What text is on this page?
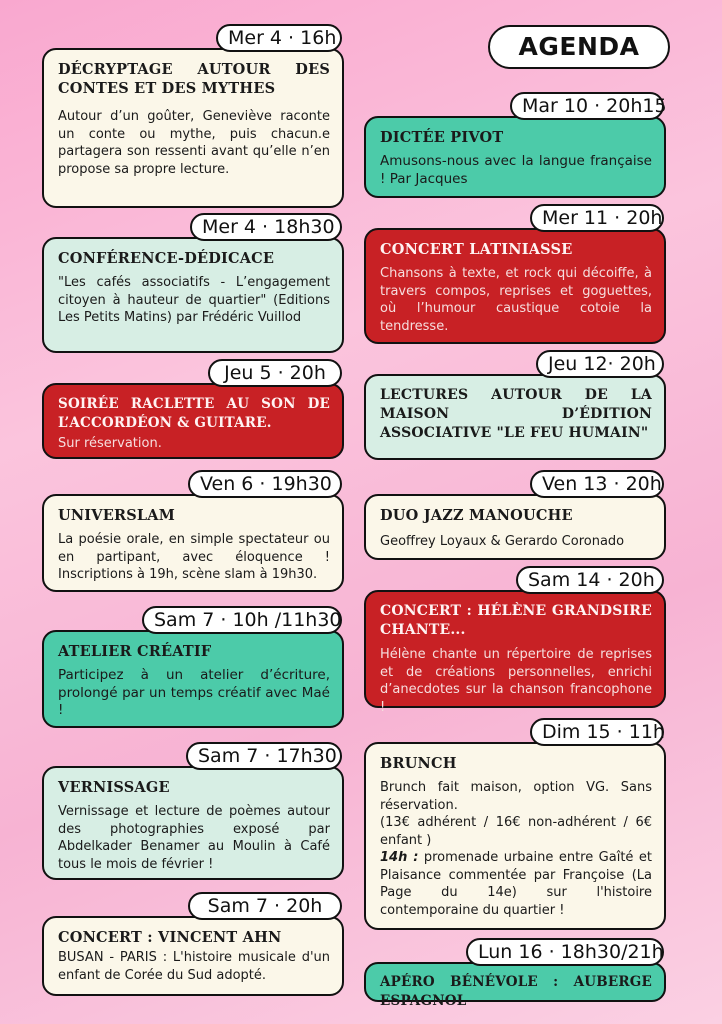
AGENDA
DÉCRYPTAGE AUTOUR DES CONTES ET DES MYTHES
Autour d’un goûter, Geneviève raconte un conte ou mythe, puis chacun.e partagera son ressenti avant qu’elle n’en propose sa propre lecture.
Mer 4 · 16h
CONFÉRENCE-DÉDICACE
"Les cafés associatifs - L’engagement citoyen à hauteur de quartier" (Editions Les Petits Matins) par Frédéric Vuillod
Mer 4 · 18h30
SOIRÉE RACLETTE AU SON DE L’ACCORDÉON & GUITARE.
Sur réservation.
Jeu 5 · 20h
UNIVERSLAM
La poésie orale, en simple spectateur ou en partipant, avec éloquence ! Inscriptions à 19h, scène slam à 19h30.
Ven 6 · 19h30
ATELIER CRÉATIF
Participez à un atelier d’écriture, prolongé par un temps créatif avec Maé !
Sam 7 · 10h /11h30
VERNISSAGE
Vernissage et lecture de poèmes autour des photographies exposé par Abdelkader Benamer au Moulin à Café tous le mois de février !
Sam 7 · 17h30
CONCERT : VINCENT AHN
BUSAN - PARIS : L'histoire musicale d'un enfant de Corée du Sud adopté.
Sam 7 · 20h
DICTÉE PIVOT
Amusons-nous avec la langue française ! Par Jacques
Mar 10 · 20h15
CONCERT LATINIASSE
Chansons à texte, et rock qui décoiffe, à travers compos, reprises et goguettes, où l’humour caustique cotoie la tendresse.
Mer 11 · 20h
LECTURES AUTOUR DE LA MAISON D’ÉDITION ASSOCIATIVE "LE FEU HUMAIN"
Jeu 12· 20h
DUO JAZZ MANOUCHE
Geoffrey Loyaux & Gerardo Coronado
Ven 13 · 20h
CONCERT : HÉLÈNE GRANDSIRE CHANTE...
Hélène chante un répertoire de reprises et de créations personnelles, enrichi d’anecdotes sur la chanson francophone !
Sam 14 · 20h
BRUNCH
Brunch fait maison, option VG. Sans réservation.
(13€ adhérent / 16€ non-adhérent / 6€ enfant )
14h : promenade urbaine entre Gaîté et Plaisance commentée par Françoise (La Page du 14e) sur l'histoire contemporaine du quartier !
Dim 15 · 11h
APÉRO BÉNÉVOLE : AUBERGE ESPAGNOL
Lun 16 · 18h30/21h
